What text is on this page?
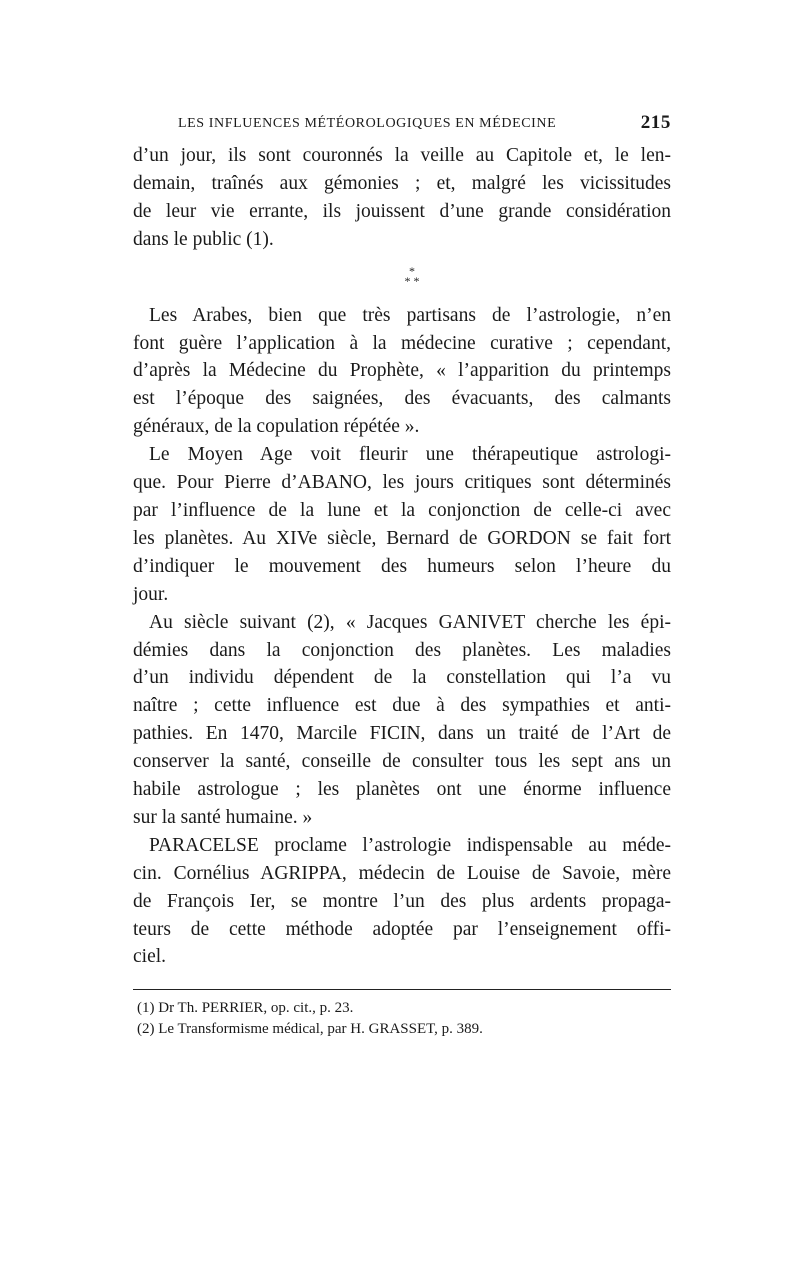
LES INFLUENCES MÉTÉOROLOGIQUES EN MÉDECINE	215

d’un jour, ils sont couronnés la veille au Capitole et, le len-
demain, traînés aux gémonies ; et, malgré les vicissitudes
de leur vie errante, ils jouissent d’une grande considération
dans le public (1).

*
* *

Les Arabes, bien que très partisans de l’astrologie, n’en
font guère l’application à la médecine curative ; cependant,
d’après la Médecine du Prophète, « l’apparition du printemps
est l’époque des saignées, des évacuants, des calmants
généraux, de la copulation répétée ».

Le Moyen Age voit fleurir une thérapeutique astrologi-
que. Pour Pierre d’ABANO, les jours critiques sont déterminés
par l’influence de la lune et la conjonction de celle-ci avec
les planètes. Au XIVe siècle, Bernard de GORDON se fait fort
d’indiquer le mouvement des humeurs selon l’heure du
jour.

Au siècle suivant (2), « Jacques GANIVET cherche les épi-
démies dans la conjonction des planètes. Les maladies
d’un individu dépendent de la constellation qui l’a vu
naître ; cette influence est due à des sympathies et anti-
pathies. En 1470, Marcile FICIN, dans un traité de l’Art de
conserver la santé, conseille de consulter tous les sept ans un
habile astrologue ; les planètes ont une énorme influence
sur la santé humaine. »

PARACELSE proclame l’astrologie indispensable au méde-
cin. Cornélius AGRIPPA, médecin de Louise de Savoie, mère
de François Ier, se montre l’un des plus ardents propaga-
teurs de cette méthode adoptée par l’enseignement offi-
ciel.

(1) Dr Th. PERRIER, op. cit., p. 23.
(2) Le Transformisme médical, par H. GRASSET, p. 389.
